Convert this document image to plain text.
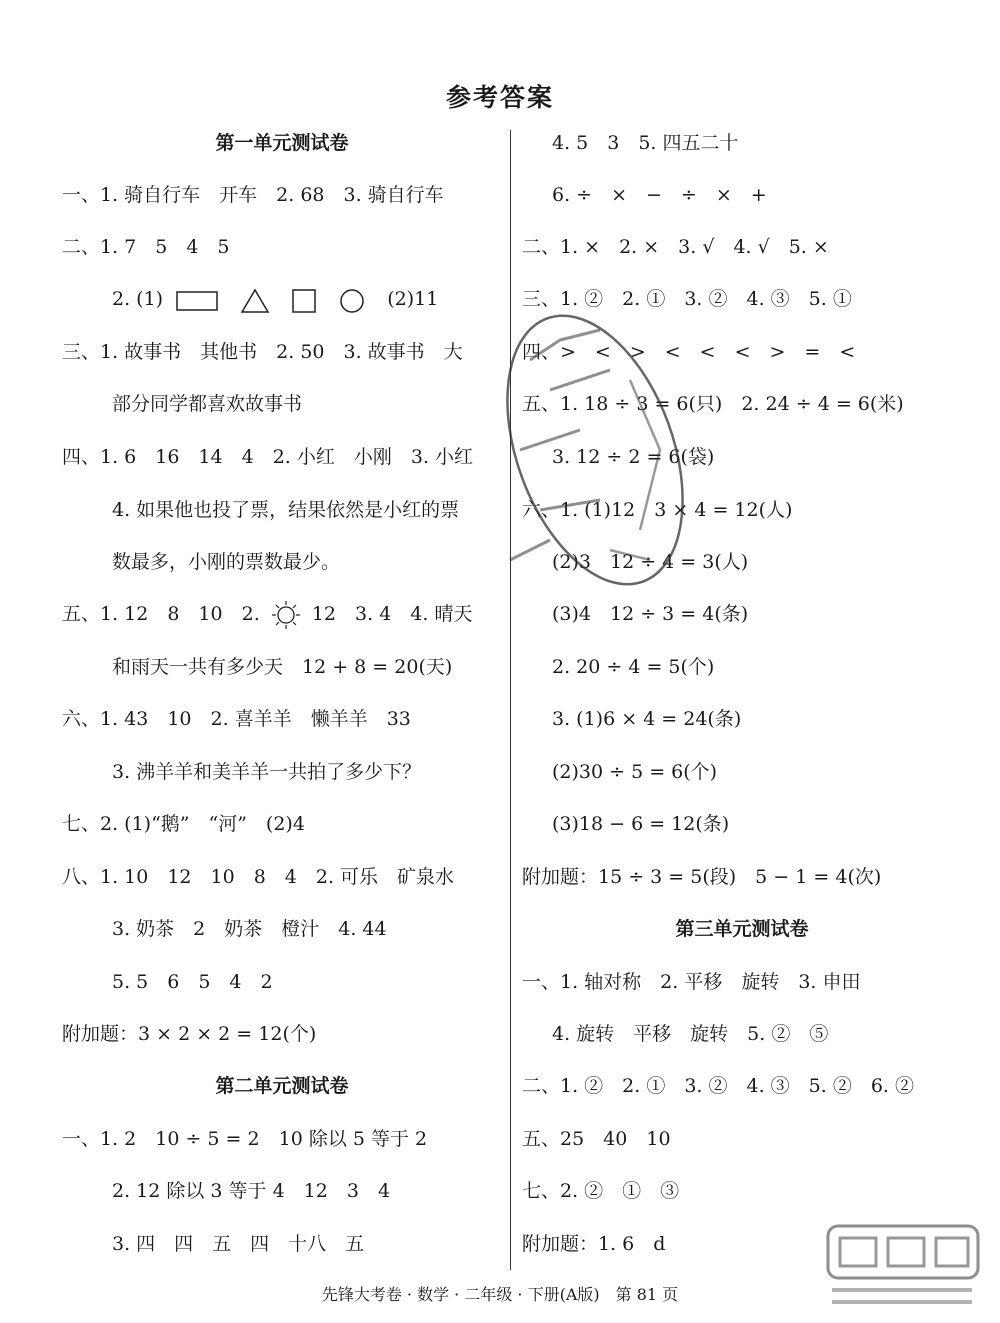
参考答案
第一单元测试卷
一、1. 骑自行车　开车　2. 68　3. 骑自行车
二、1. 7　5　4　5
2. (1)	(2)11
三、1. 故事书　其他书　2. 50　3. 故事书　大
部分同学都喜欢故事书
四、1. 6　16　14　4　2. 小红　小刚　3. 小红
4. 如果他也投了票，结果依然是小红的票
数最多，小刚的票数最少。
五、1. 12　8　10　2.	12　3. 4　4. 晴天
和雨天一共有多少天　12 + 8 = 20(天)
六、1. 43　10　2. 喜羊羊　懒羊羊　33
3. 沸羊羊和美羊羊一共拍了多少下？
七、2. (1)“鹅”　“河”　(2)4
八、1. 10　12　10　8　4　2. 可乐　矿泉水
3. 奶茶　2　奶茶　橙汁　4. 44
5. 5　6　5　4　2
附加题：3 × 2 × 2 = 12(个)
第二单元测试卷
一、1. 2　10 ÷ 5 = 2　10 除以 5 等于 2
2. 12 除以 3 等于 4　12　3　4
3. 四　四　五　四　十八　五
4. 5　3　5. 四五二十
6. ÷　×　−　÷　×　+
二、1. ×　2. ×　3. √　4. √　5. ×
三、1. ②　2. ①　3. ②　4. ③　5. ①
四、>　<　>　<　<　<　>　=　<
五、1. 18 ÷ 3 = 6(只)　2. 24 ÷ 4 = 6(米)
3. 12 ÷ 2 = 6(袋)
六、1. (1)12　3 × 4 = 12(人)
(2)3　12 ÷ 4 = 3(人)
(3)4　12 ÷ 3 = 4(条)
2. 20 ÷ 4 = 5(个)
3. (1)6 × 4 = 24(条)
(2)30 ÷ 5 = 6(个)
(3)18 − 6 = 12(条)
附加题：15 ÷ 3 = 5(段)　5 − 1 = 4(次)
第三单元测试卷
一、1. 轴对称　2. 平移　旋转　3. 申田
4. 旋转　平移　旋转　5. ②　⑤
二、1. ②　2. ①　3. ②　4. ③　5. ②　6. ②
五、25　40　10
七、2. ②　①　③
附加题：1. 6　d
先锋大考卷 · 数学 · 二年级 · 下册(A版)　第 81 页
